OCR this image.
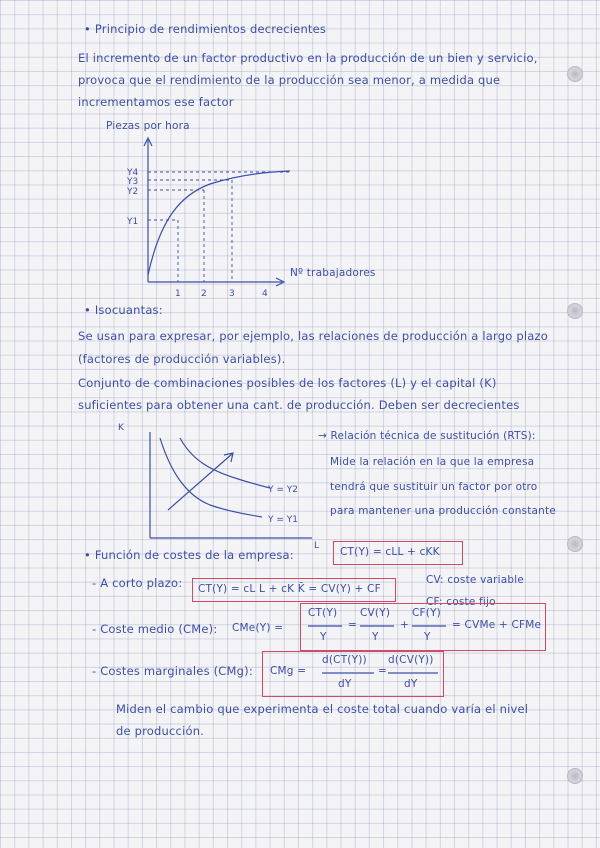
• Principio de rendimientos decrecientes
El incremento de un factor productivo en la producción de un bien y servicio,
provoca que el rendimiento de la producción sea menor, a medida que
incrementamos ese factor
Piezas por hora
Y4
Y3
Y2
Y1
1 2 3	4
Nº trabajadores
• Isocuantas:
Se usan para expresar, por ejemplo, las relaciones de producción a largo plazo
(factores de producción variables).
Conjunto de combinaciones posibles de los factores (L) y el capital (K)
suficientes para obtener una cant. de producción. Deben ser decrecientes
K
L
Y = Y2
Y = Y1
→ Relación técnica de sustitución (RTS):
Mide la relación en la que la empresa
tendrá que sustituir un factor por otro
para mantener una producción constante
• Función de costes de la empresa:	CT(Y) = cLL + cKK
- A corto plazo: CT(Y) = cL L + cK K̄ = CV(Y) + CF
CV: coste variable
CF: coste fijo
- Coste medio (CMe): CMe(Y) =
CT(Y)
Y
=
CV(Y)
Y
+
CF(Y)
Y
= CVMe + CFMe
- Costes marginales (CMg): CMg =
d(CT(Y))
dY
=
d(CV(Y))
dY
Miden el cambio que experimenta el coste total cuando varía el nivel
de producción.
